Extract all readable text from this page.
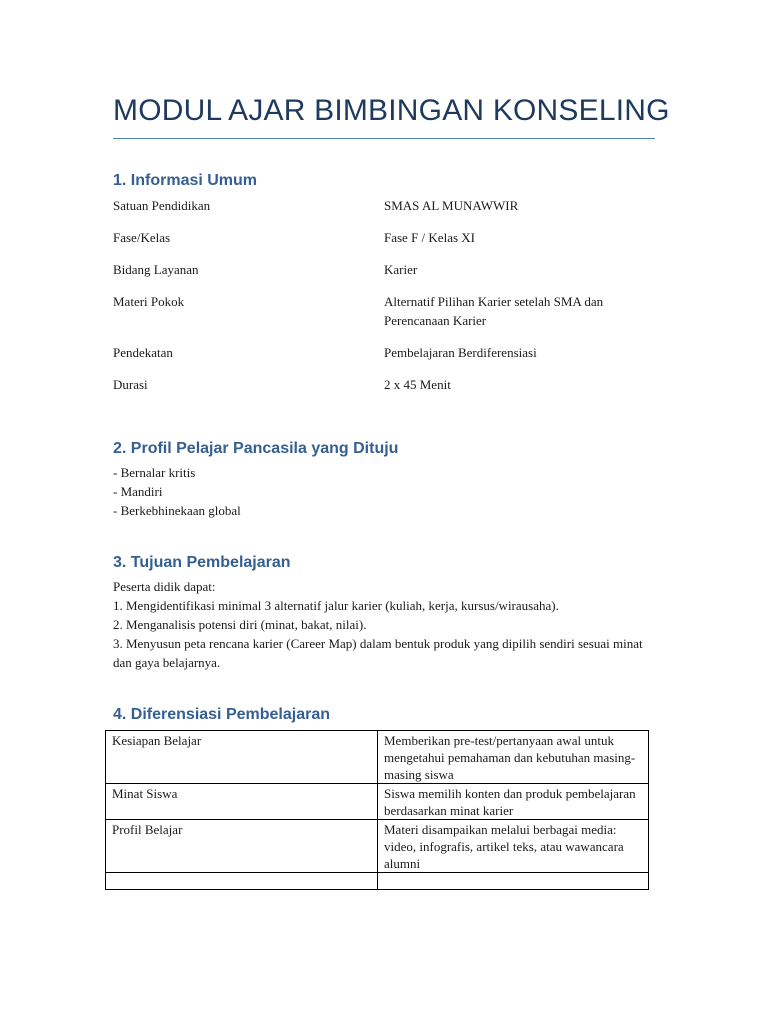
MODUL AJAR BIMBINGAN KONSELING
1. Informasi Umum
Satuan Pendidikan	SMAS AL MUNAWWIR
Fase/Kelas	Fase F / Kelas XI
Bidang Layanan	Karier
Materi Pokok	Alternatif Pilihan Karier setelah SMA dan Perencanaan Karier
Pendekatan	Pembelajaran Berdiferensiasi
Durasi	2 x 45 Menit
2. Profil Pelajar Pancasila yang Dituju
- Bernalar kritis
- Mandiri
- Berkebhinekaan global
3. Tujuan Pembelajaran
Peserta didik dapat:
1. Mengidentifikasi minimal 3 alternatif jalur karier (kuliah, kerja, kursus/wirausaha).
2. Menganalisis potensi diri (minat, bakat, nilai).
3. Menyusun peta rencana karier (Career Map) dalam bentuk produk yang dipilih sendiri sesuai minat dan gaya belajarnya.
4. Diferensiasi Pembelajaran
Kesiapan Belajar	Memberikan pre-test/pertanyaan awal untuk mengetahui pemahaman dan kebutuhan masing-masing siswa
Minat Siswa	Siswa memilih konten dan produk pembelajaran berdasarkan minat karier
Profil Belajar	Materi disampaikan melalui berbagai media: video, infografis, artikel teks, atau wawancara alumni
